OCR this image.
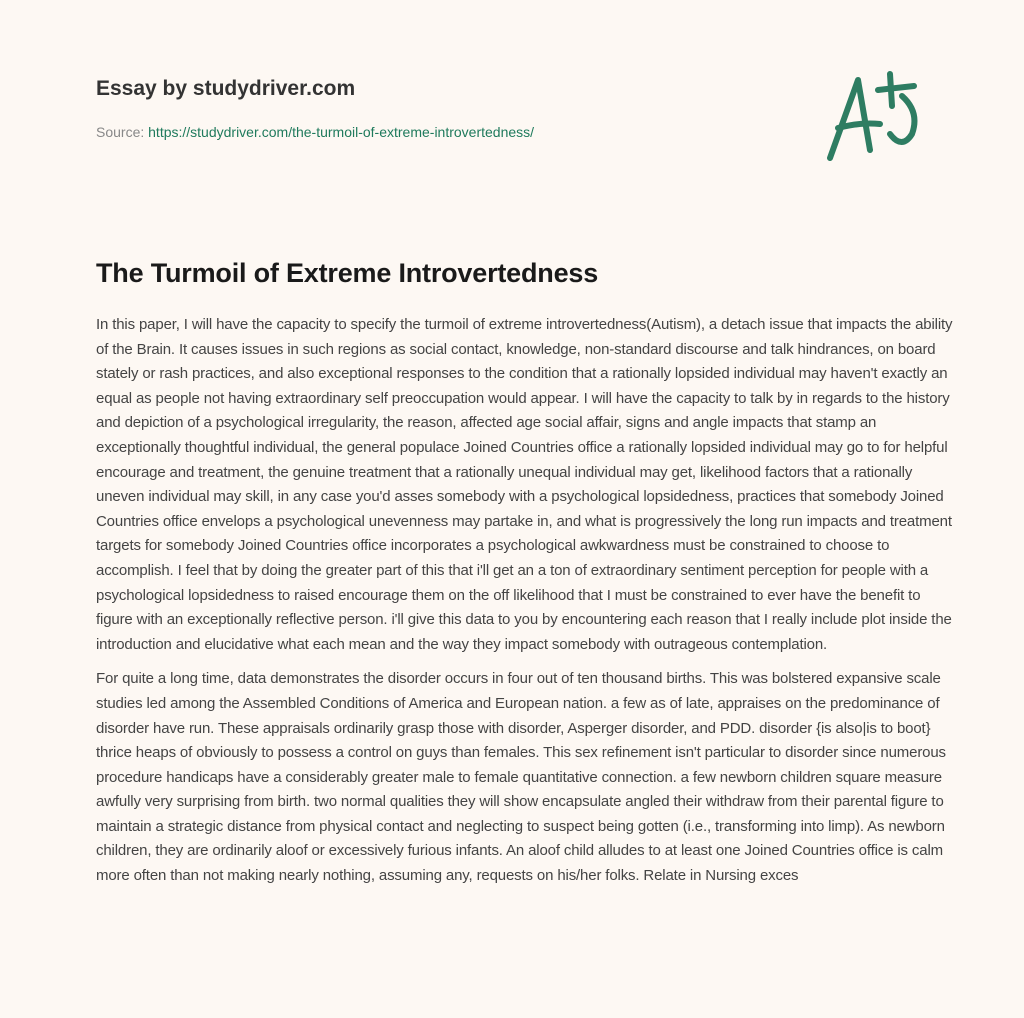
Essay by studydriver.com
Source: https://studydriver.com/the-turmoil-of-extreme-introvertedness/
The Turmoil of Extreme Introvertedness

In this paper, I will have the capacity to specify the turmoil of extreme introvertedness(Autism), a detach issue that impacts the ability of the Brain. It causes issues in such regions as social contact, knowledge, non-standard discourse and talk hindrances, on board stately or rash practices, and also exceptional responses to the condition that a rationally lopsided individual may haven't exactly an equal as people not having extraordinary self preoccupation would appear. I will have the capacity to talk by in regards to the history and depiction of a psychological irregularity, the reason, affected age social affair, signs and angle impacts that stamp an exceptionally thoughtful individual, the general populace Joined Countries office a rationally lopsided individual may go to for helpful encourage and treatment, the genuine treatment that a rationally unequal individual may get, likelihood factors that a rationally uneven individual may skill, in any case you'd asses somebody with a psychological lopsidedness, practices that somebody Joined Countries office envelops a psychological unevenness may partake in, and what is progressively the long run impacts and treatment targets for somebody Joined Countries office incorporates a psychological awkwardness must be constrained to choose to accomplish. I feel that by doing the greater part of this that i'll get an a ton of extraordinary sentiment perception for people with a psychological lopsidedness to raised encourage them on the off likelihood that I must be constrained to ever have the benefit to figure with an exceptionally reflective person. i'll give this data to you by encountering each reason that I really include plot inside the introduction and elucidative what each mean and the way they impact somebody with outrageous contemplation.

For quite a long time, data demonstrates the disorder occurs in four out of ten thousand births. This was bolstered expansive scale studies led among the Assembled Conditions of America and European nation. a few as of late, appraises on the predominance of disorder have run. These appraisals ordinarily grasp those with disorder, Asperger disorder, and PDD. disorder {is also|is to boot} thrice heaps of obviously to possess a control on guys than females. This sex refinement isn't particular to disorder since numerous procedure handicaps have a considerably greater male to female quantitative connection. a few newborn children square measure awfully very surprising from birth. two normal qualities they will show encapsulate angled their withdraw from their parental figure to maintain a strategic distance from physical contact and neglecting to suspect being gotten (i.e., transforming into limp). As newborn children, they are ordinarily aloof or excessively furious infants. An aloof child alludes to at least one Joined Countries office is calm more often than not making nearly nothing, assuming any, requests on his/her folks. Relate in Nursing exces
